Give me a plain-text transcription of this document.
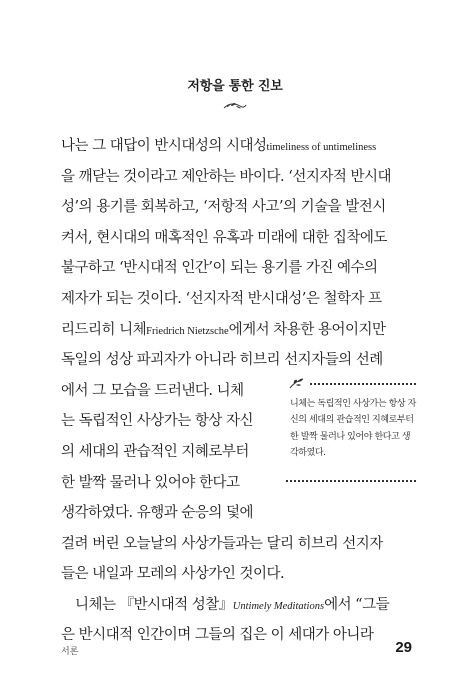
저항을 통한 진보
나는 그 대답이 반시대성의 시대성timeliness of untimeliness
을 깨닫는 것이라고 제안하는 바이다. ‘선지자적 반시대
성’의 용기를 회복하고, ‘저항적 사고’의 기술을 발전시
켜서, 현시대의 매혹적인 유혹과 미래에 대한 집착에도
불구하고 ‘반시대적 인간’이 되는 용기를 가진 예수의
제자가 되는 것이다. ‘선지자적 반시대성’은 철학자 프
리드리히 니체Friedrich Nietzsche에게서 차용한 용어이지만
독일의 성상 파괴자가 아니라 히브리 선지자들의 선례
에서 그 모습을 드러낸다. 니체
는 독립적인 사상가는 항상 자신
의 세대의 관습적인 지혜로부터
한 발짝 물러나 있어야 한다고
생각하였다. 유행과 순응의 덫에
걸려 버린 오늘날의 사상가들과는 달리 히브리 선지자
들은 내일과 모레의 사상가인 것이다.
니체는 『반시대적 성찰』Untimely Meditations에서 “그들
은 반시대적 인간이며 그들의 집은 이 세대가 아니라

니체는 독립적인 사상가는 항상 자신의 세대의 관습적인 지혜로부터 한 발짝 물러나 있어야 한다고 생각하였다.

서론	29
